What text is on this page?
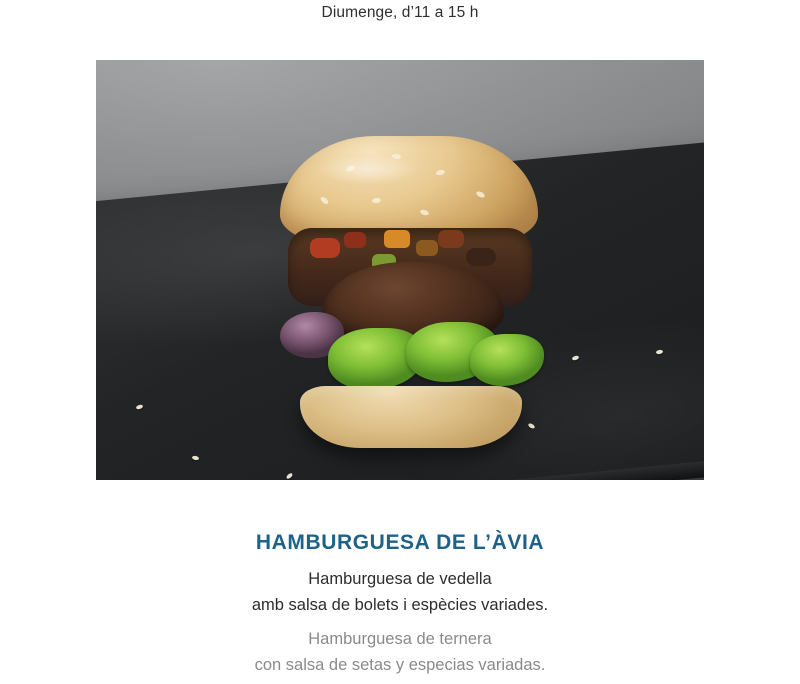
Diumenge, d’11 a 15 h
HAMBURGUESA DE L’ÀVIA
Hamburguesa de vedella
amb salsa de bolets i espècies variades.
Hamburguesa de ternera
con salsa de setas y especias variadas.
